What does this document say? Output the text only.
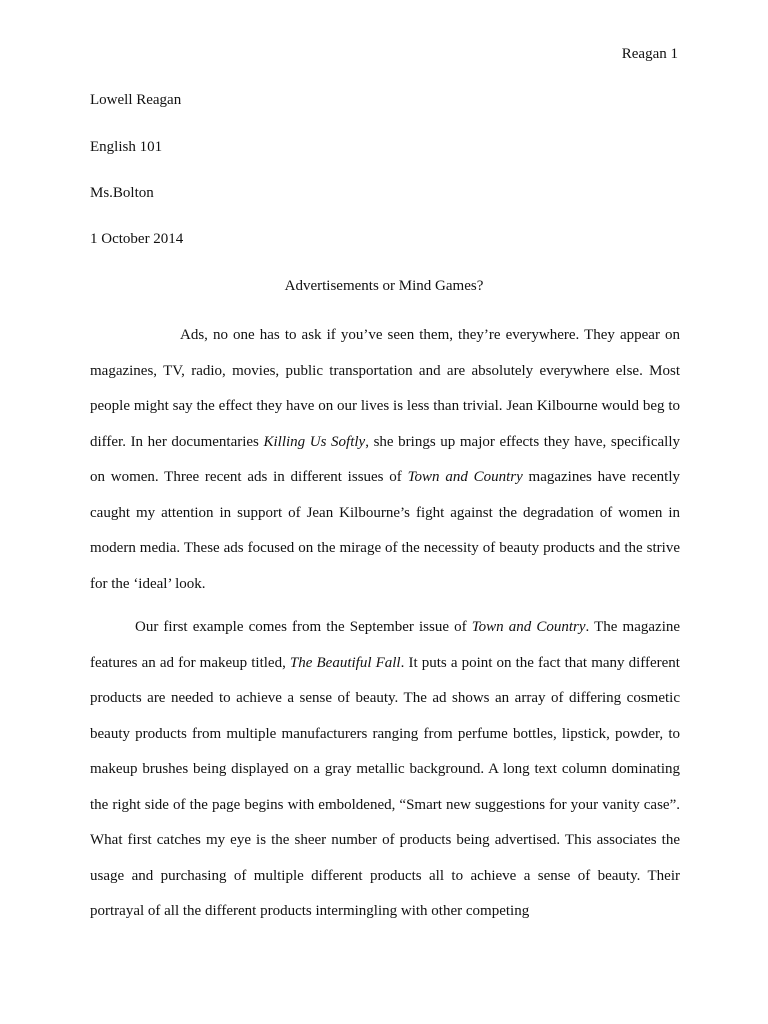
Reagan 1
Lowell Reagan
English 101
Ms.Bolton
1 October 2014
Advertisements or Mind Games?
Ads, no one has to ask if you’ve seen them, they’re everywhere. They appear on magazines, TV, radio, movies, public transportation and are absolutely everywhere else. Most people might say the effect they have on our lives is less than trivial. Jean Kilbourne would beg to differ. In her documentaries Killing Us Softly, she brings up major effects they have, specifically on women. Three recent ads in different issues of Town and Country magazines have recently caught my attention in support of Jean Kilbourne’s fight against the degradation of women in modern media. These ads focused on the mirage of the necessity of beauty products and the strive for the ‘ideal’ look.
Our first example comes from the September issue of Town and Country. The magazine features an ad for makeup titled, The Beautiful Fall. It puts a point on the fact that many different products are needed to achieve a sense of beauty. The ad shows an array of differing cosmetic beauty products from multiple manufacturers ranging from perfume bottles, lipstick, powder, to makeup brushes being displayed on a gray metallic background. A long text column dominating the right side of the page begins with emboldened, “Smart new suggestions for your vanity case”. What first catches my eye is the sheer number of products being advertised. This associates the usage and purchasing of multiple different products all to achieve a sense of beauty. Their portrayal of all the different products intermingling with other competing
